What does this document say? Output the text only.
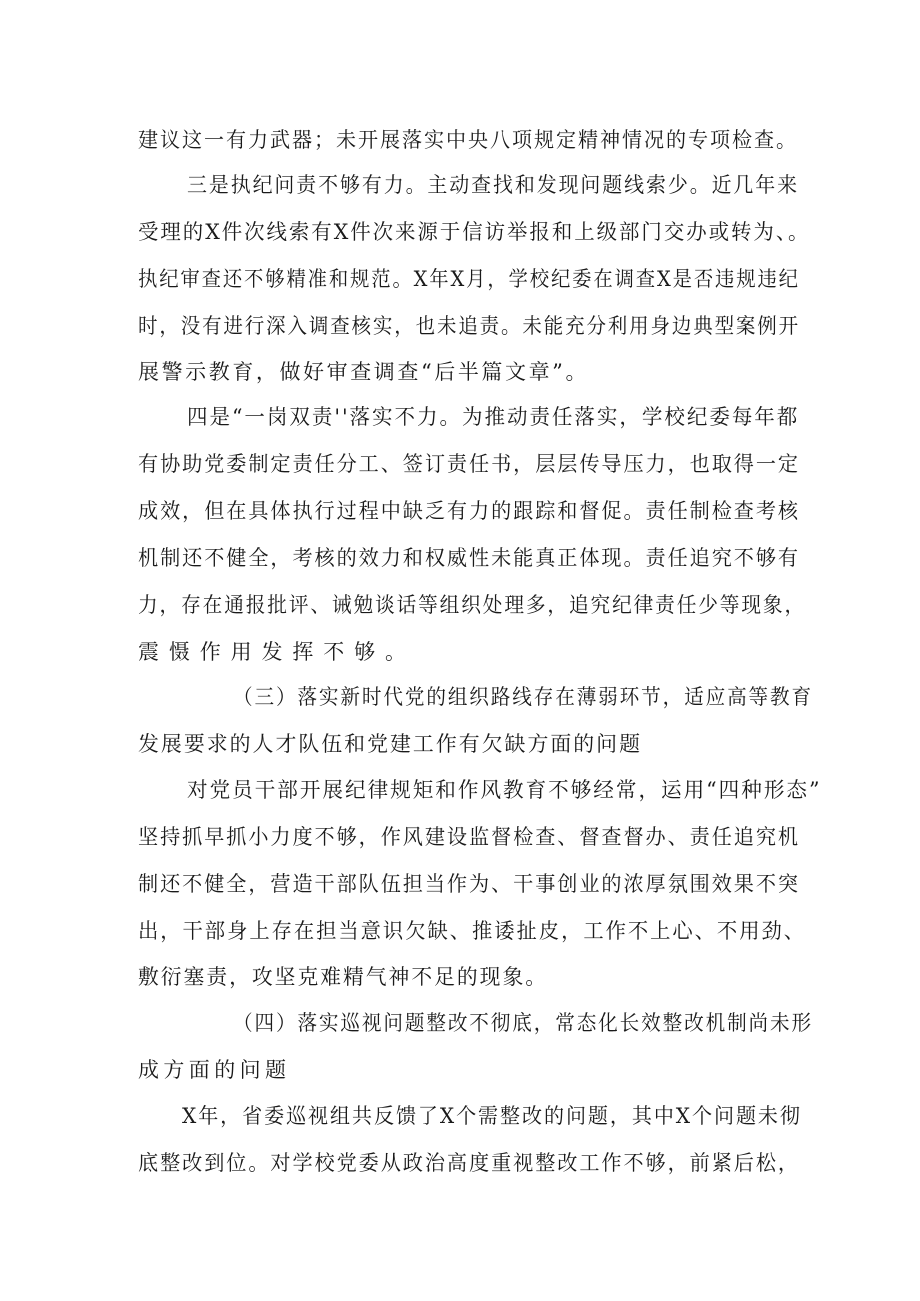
建议这一有力武器；未开展落实中央八项规定精神情况的专项检查。
三是执纪问责不够有力。主动查找和发现问题线索少。近几年来
受理的X件次线索有X件次来源于信访举报和上级部门交办或转为、。
执纪审查还不够精准和规范。X年X月，学校纪委在调查X是否违规违纪
时，没有进行深入调查核实，也未追责。未能充分利用身边典型案例开
展警示教育，做好审查调查“后半篇文章”。
四是“一岗双责''落实不力。为推动责任落实，学校纪委每年都
有协助党委制定责任分工、签订责任书，层层传导压力，也取得一定
成效，但在具体执行过程中缺乏有力的跟踪和督促。责任制检查考核
机制还不健全，考核的效力和权威性未能真正体现。责任追究不够有
力，存在通报批评、诫勉谈话等组织处理多，追究纪律责任少等现象，
震慑作用发挥不够。
（三）落实新时代党的组织路线存在薄弱环节，适应高等教育
发展要求的人才队伍和党建工作有欠缺方面的问题
对党员干部开展纪律规矩和作风教育不够经常，运用“四种形态”
坚持抓早抓小力度不够，作风建设监督检查、督查督办、责任追究机
制还不健全，营造干部队伍担当作为、干事创业的浓厚氛围效果不突
出，干部身上存在担当意识欠缺、推诿扯皮，工作不上心、不用劲、
敷衍塞责，攻坚克难精气神不足的现象。
（四）落实巡视问题整改不彻底，常态化长效整改机制尚未形
成方面的问题
X年，省委巡视组共反馈了X个需整改的问题，其中X个问题未彻
底整改到位。对学校党委从政治高度重视整改工作不够，前紧后松，
